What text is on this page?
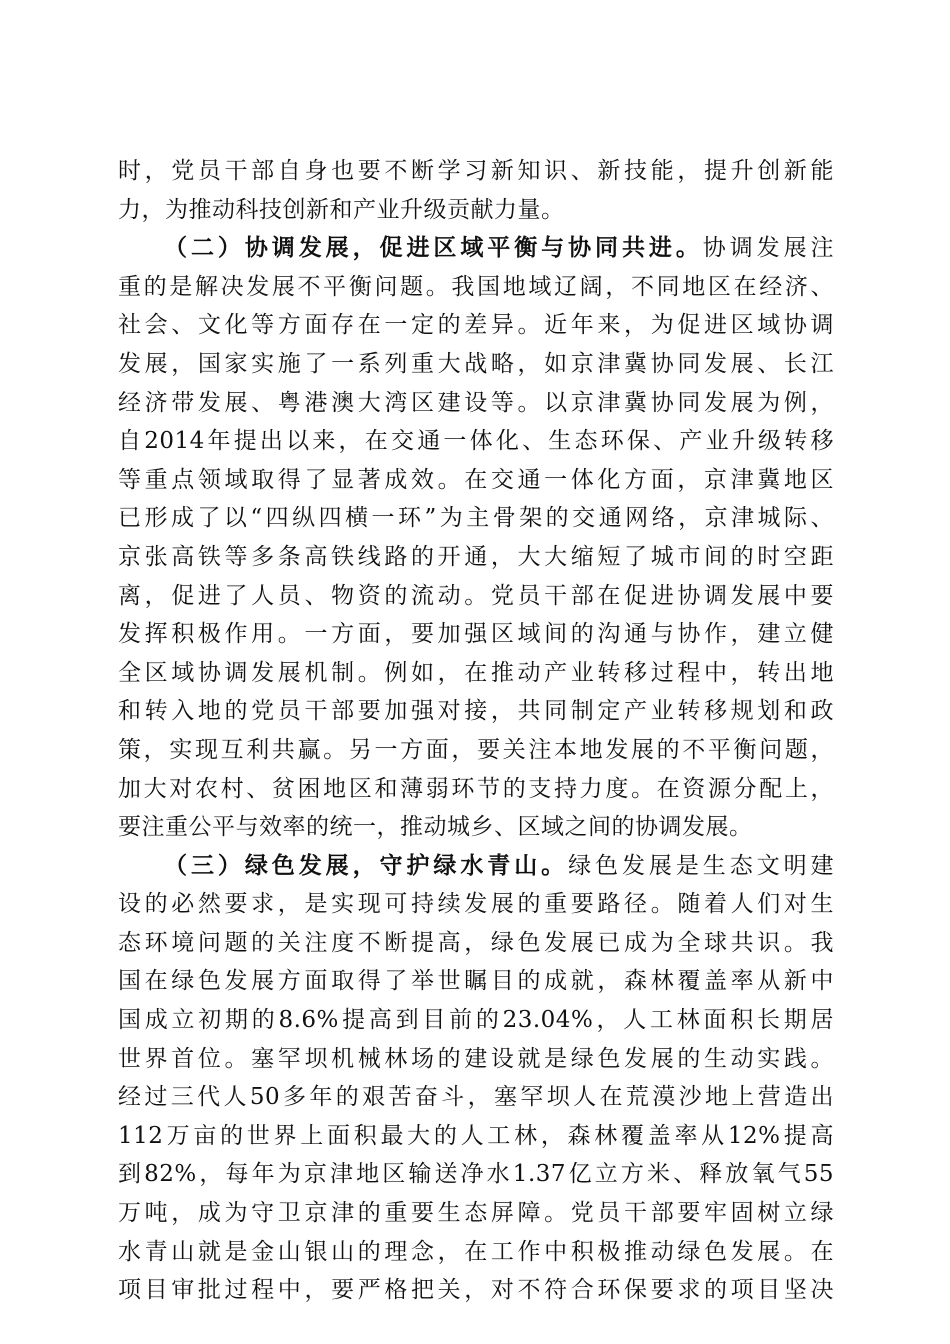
时，党员干部自身也要不断学习新知识、新技能，提升创新能
力，为推动科技创新和产业升级贡献力量。
（二）协调发展，促进区域平衡与协同共进。协调发展注
重的是解决发展不平衡问题。我国地域辽阔，不同地区在经济、
社会、文化等方面存在一定的差异。近年来，为促进区域协调
发展，国家实施了一系列重大战略，如京津冀协同发展、长江
经济带发展、粤港澳大湾区建设等。以京津冀协同发展为例，
自2014年提出以来，在交通一体化、生态环保、产业升级转移
等重点领域取得了显著成效。在交通一体化方面，京津冀地区
已形成了以“四纵四横一环”为主骨架的交通网络，京津城际、
京张高铁等多条高铁线路的开通，大大缩短了城市间的时空距
离，促进了人员、物资的流动。党员干部在促进协调发展中要
发挥积极作用。一方面，要加强区域间的沟通与协作，建立健
全区域协调发展机制。例如，在推动产业转移过程中，转出地
和转入地的党员干部要加强对接，共同制定产业转移规划和政
策，实现互利共赢。另一方面，要关注本地发展的不平衡问题，
加大对农村、贫困地区和薄弱环节的支持力度。在资源分配上，
要注重公平与效率的统一，推动城乡、区域之间的协调发展。
（三）绿色发展，守护绿水青山。绿色发展是生态文明建
设的必然要求，是实现可持续发展的重要路径。随着人们对生
态环境问题的关注度不断提高，绿色发展已成为全球共识。我
国在绿色发展方面取得了举世瞩目的成就，森林覆盖率从新中
国成立初期的8.6%提高到目前的23.04%，人工林面积长期居
世界首位。塞罕坝机械林场的建设就是绿色发展的生动实践。
经过三代人50多年的艰苦奋斗，塞罕坝人在荒漠沙地上营造出
112万亩的世界上面积最大的人工林，森林覆盖率从12%提高
到82%，每年为京津地区输送净水1.37亿立方米、释放氧气55
万吨，成为守卫京津的重要生态屏障。党员干部要牢固树立绿
水青山就是金山银山的理念，在工作中积极推动绿色发展。在
项目审批过程中，要严格把关，对不符合环保要求的项目坚决
